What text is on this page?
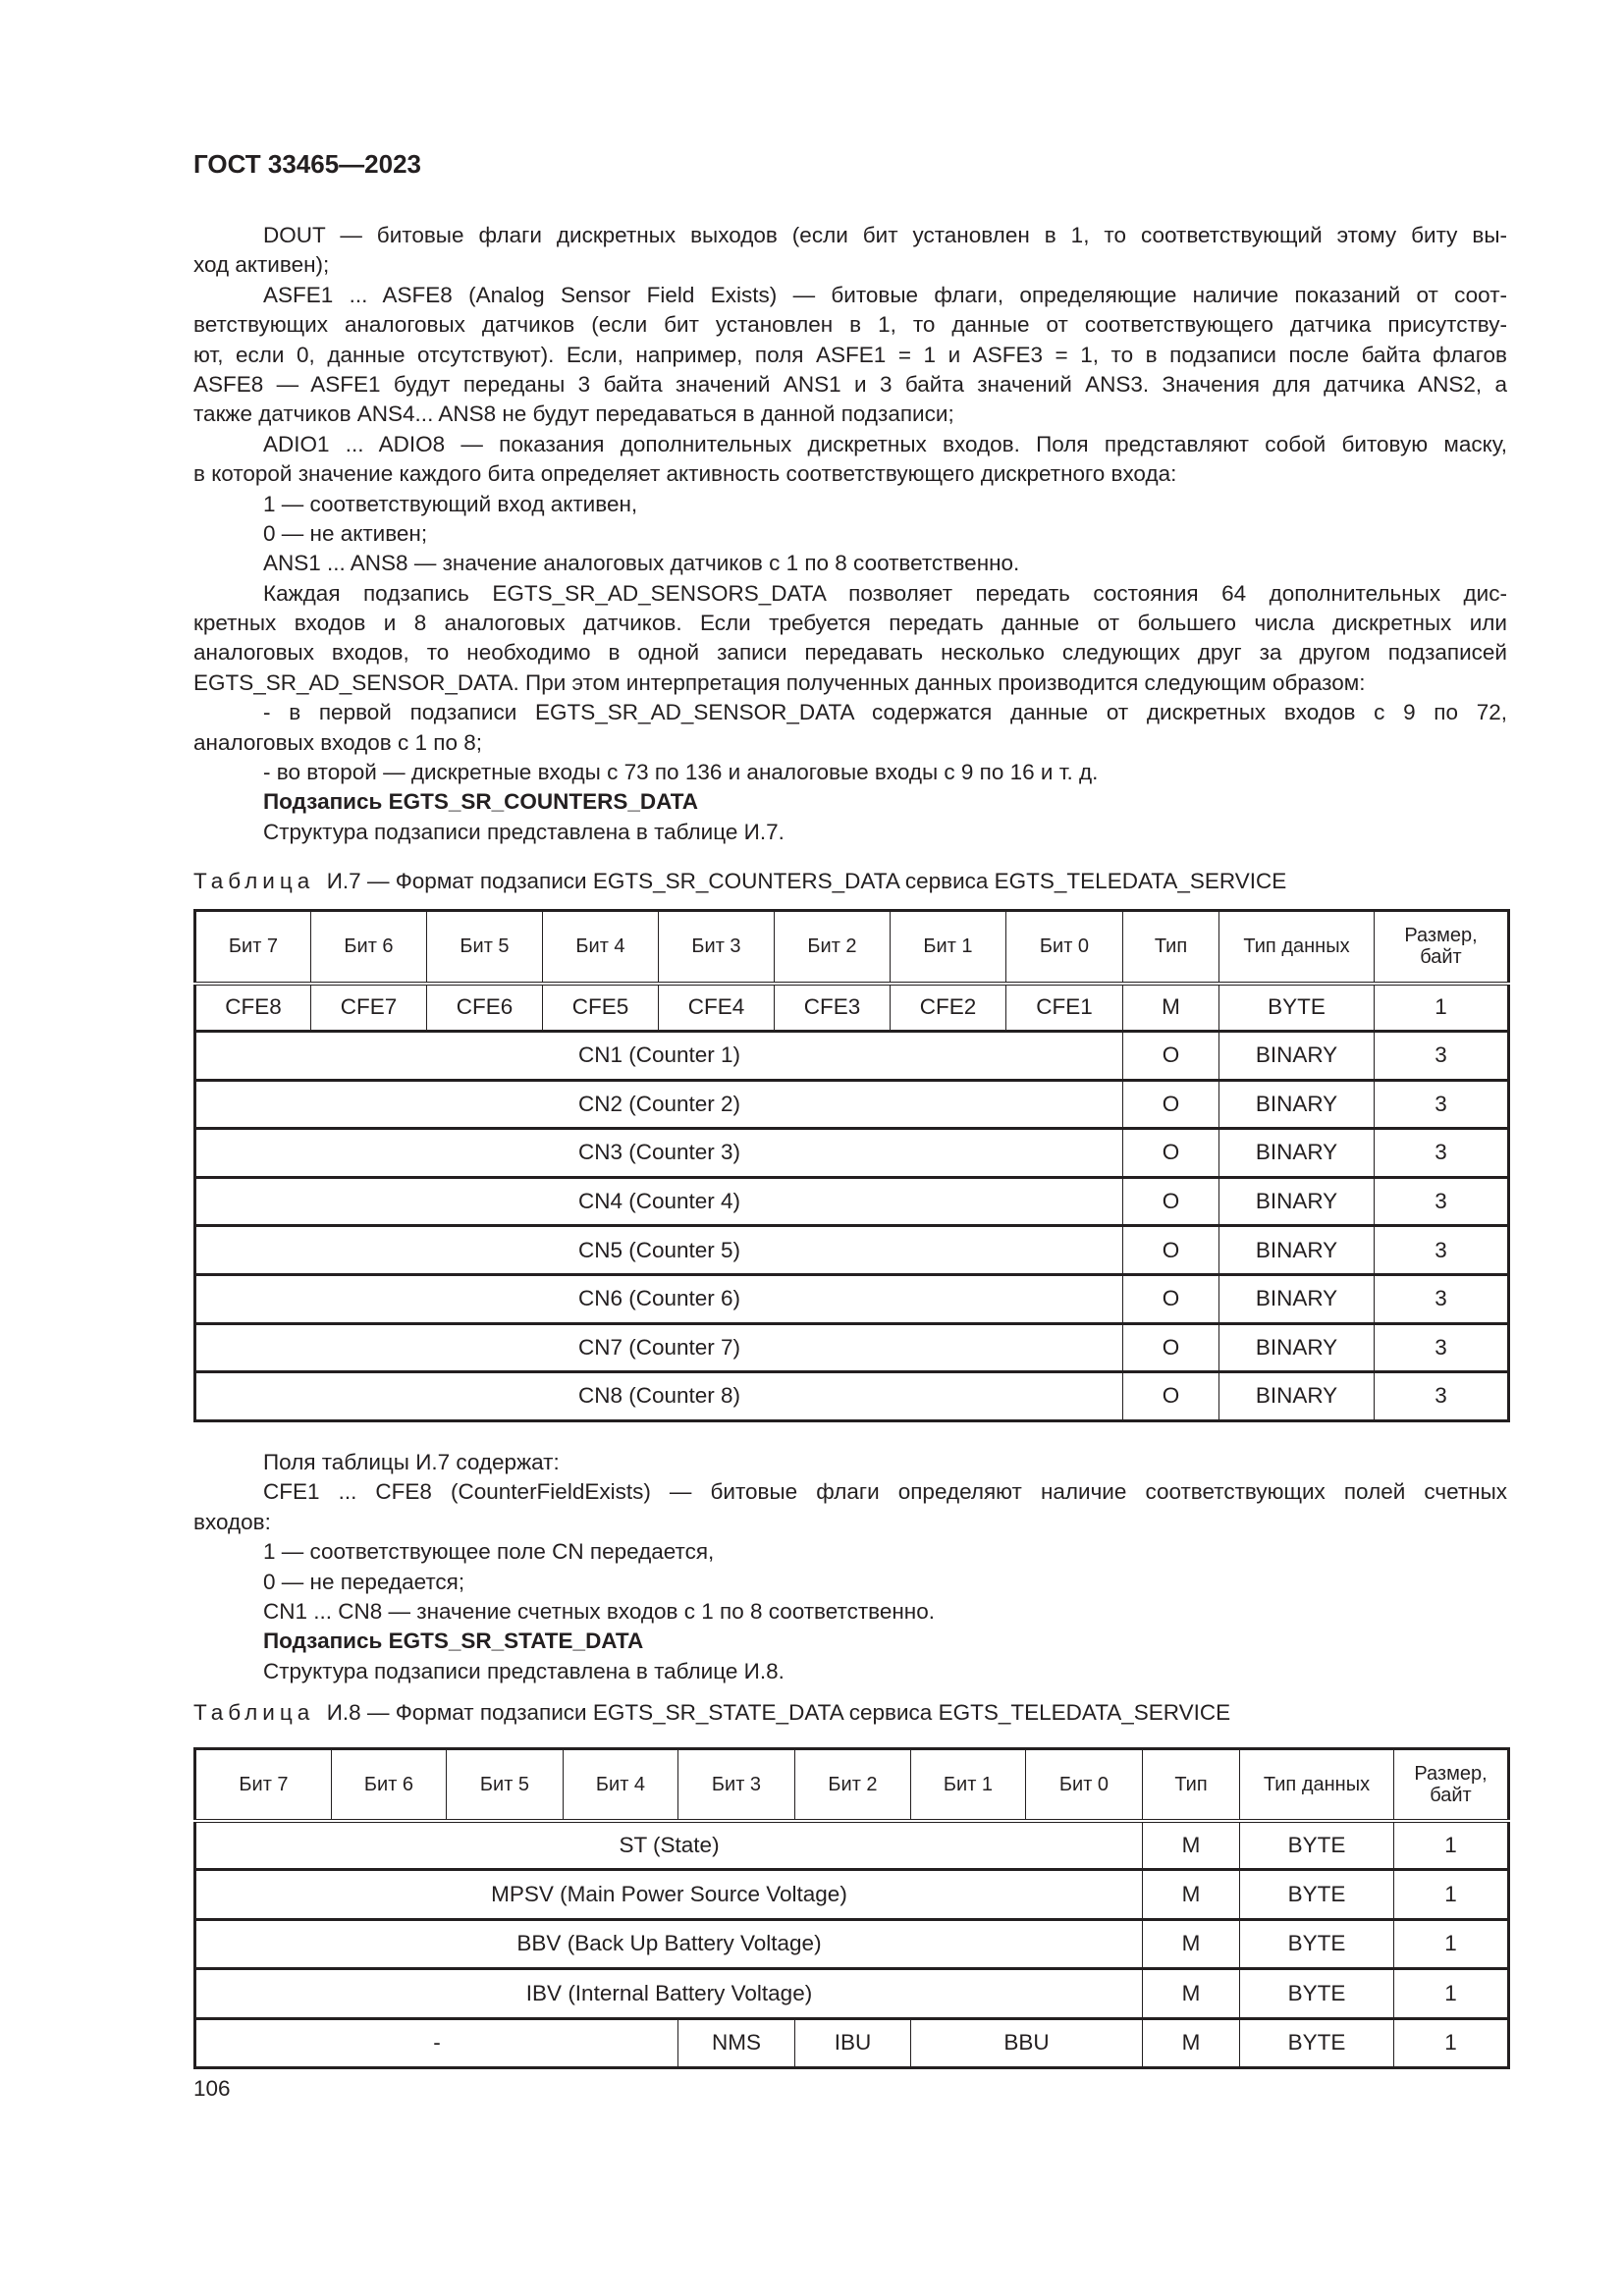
ГОСТ 33465—2023
DOUT — битовые флаги дискретных выходов (если бит установлен в 1, то соответствующий этому биту вы-
ход активен);
ASFE1 ... ASFE8 (Analog Sensor Field Exists) — битовые флаги, определяющие наличие показаний от соот-
ветствующих аналоговых датчиков (если бит установлен в 1, то данные от соответствующего датчика присутству-
ют, если 0, данные отсутствуют). Если, например, поля ASFE1 = 1 и ASFE3 = 1, то в подзаписи после байта флагов
ASFE8 — ASFE1 будут переданы 3 байта значений ANS1 и 3 байта значений ANS3. Значения для датчика ANS2, а
также датчиков ANS4... ANS8 не будут передаваться в данной подзаписи;
ADIO1 ... ADIO8 — показания дополнительных дискретных входов. Поля представляют собой битовую маску,
в которой значение каждого бита определяет активность соответствующего дискретного входа:
1 — соответствующий вход активен,
0 — не активен;
ANS1 ... ANS8 — значение аналоговых датчиков с 1 по 8 соответственно.
Каждая подзапись EGTS_SR_AD_SENSORS_DATA позволяет передать состояния 64 дополнительных дис-
кретных входов и 8 аналоговых датчиков. Если требуется передать данные от большего числа дискретных или
аналоговых входов, то необходимо в одной записи передавать несколько следующих друг за другом подзаписей
EGTS_SR_AD_SENSOR_DATA. При этом интерпретация полученных данных производится следующим образом:
- в первой подзаписи EGTS_SR_AD_SENSOR_DATA содержатся данные от дискретных входов с 9 по 72,
аналоговых входов с 1 по 8;
- во второй — дискретные входы с 73 по 136 и аналоговые входы с 9 по 16 и т. д.
Подзапись EGTS_SR_COUNTERS_DATA
Структура подзаписи представлена в таблице И.7.
Таблица И.7 — Формат подзаписи EGTS_SR_COUNTERS_DATA сервиса EGTS_TELEDATA_SERVICE
Бит 7	Бит 6	Бит 5	Бит 4	Бит 3	Бит 2	Бит 1	Бит 0	Тип	Тип данных	Размер, байт
CFE8	CFE7	CFE6	CFE5	CFE4	CFE3	CFE2	CFE1	M	BYTE	1
CN1 (Counter 1)								O	BINARY	3
CN2 (Counter 2)								O	BINARY	3
CN3 (Counter 3)								O	BINARY	3
CN4 (Counter 4)								O	BINARY	3
CN5 (Counter 5)								O	BINARY	3
CN6 (Counter 6)								O	BINARY	3
CN7 (Counter 7)								O	BINARY	3
CN8 (Counter 8)								O	BINARY	3
Поля таблицы И.7 содержат:
CFE1 ... CFE8 (CounterFieldExists) — битовые флаги определяют наличие соответствующих полей счетных
входов:
1 — соответствующее поле CN передается,
0 — не передается;
CN1 ... CN8 — значение счетных входов с 1 по 8 соответственно.
Подзапись EGTS_SR_STATE_DATA
Структура подзаписи представлена в таблице И.8.
Таблица И.8 — Формат подзаписи EGTS_SR_STATE_DATA сервиса EGTS_TELEDATA_SERVICE
Бит 7	Бит 6	Бит 5	Бит 4	Бит 3	Бит 2	Бит 1	Бит 0	Тип	Тип данных	Размер, байт
ST (State)								M	BYTE	1
MPSV (Main Power Source Voltage)								M	BYTE	1
BBV (Back Up Battery Voltage)								M	BYTE	1
IBV (Internal Battery Voltage)								M	BYTE	1
-				NMS	IBU	BBU		M	BYTE	1
106
